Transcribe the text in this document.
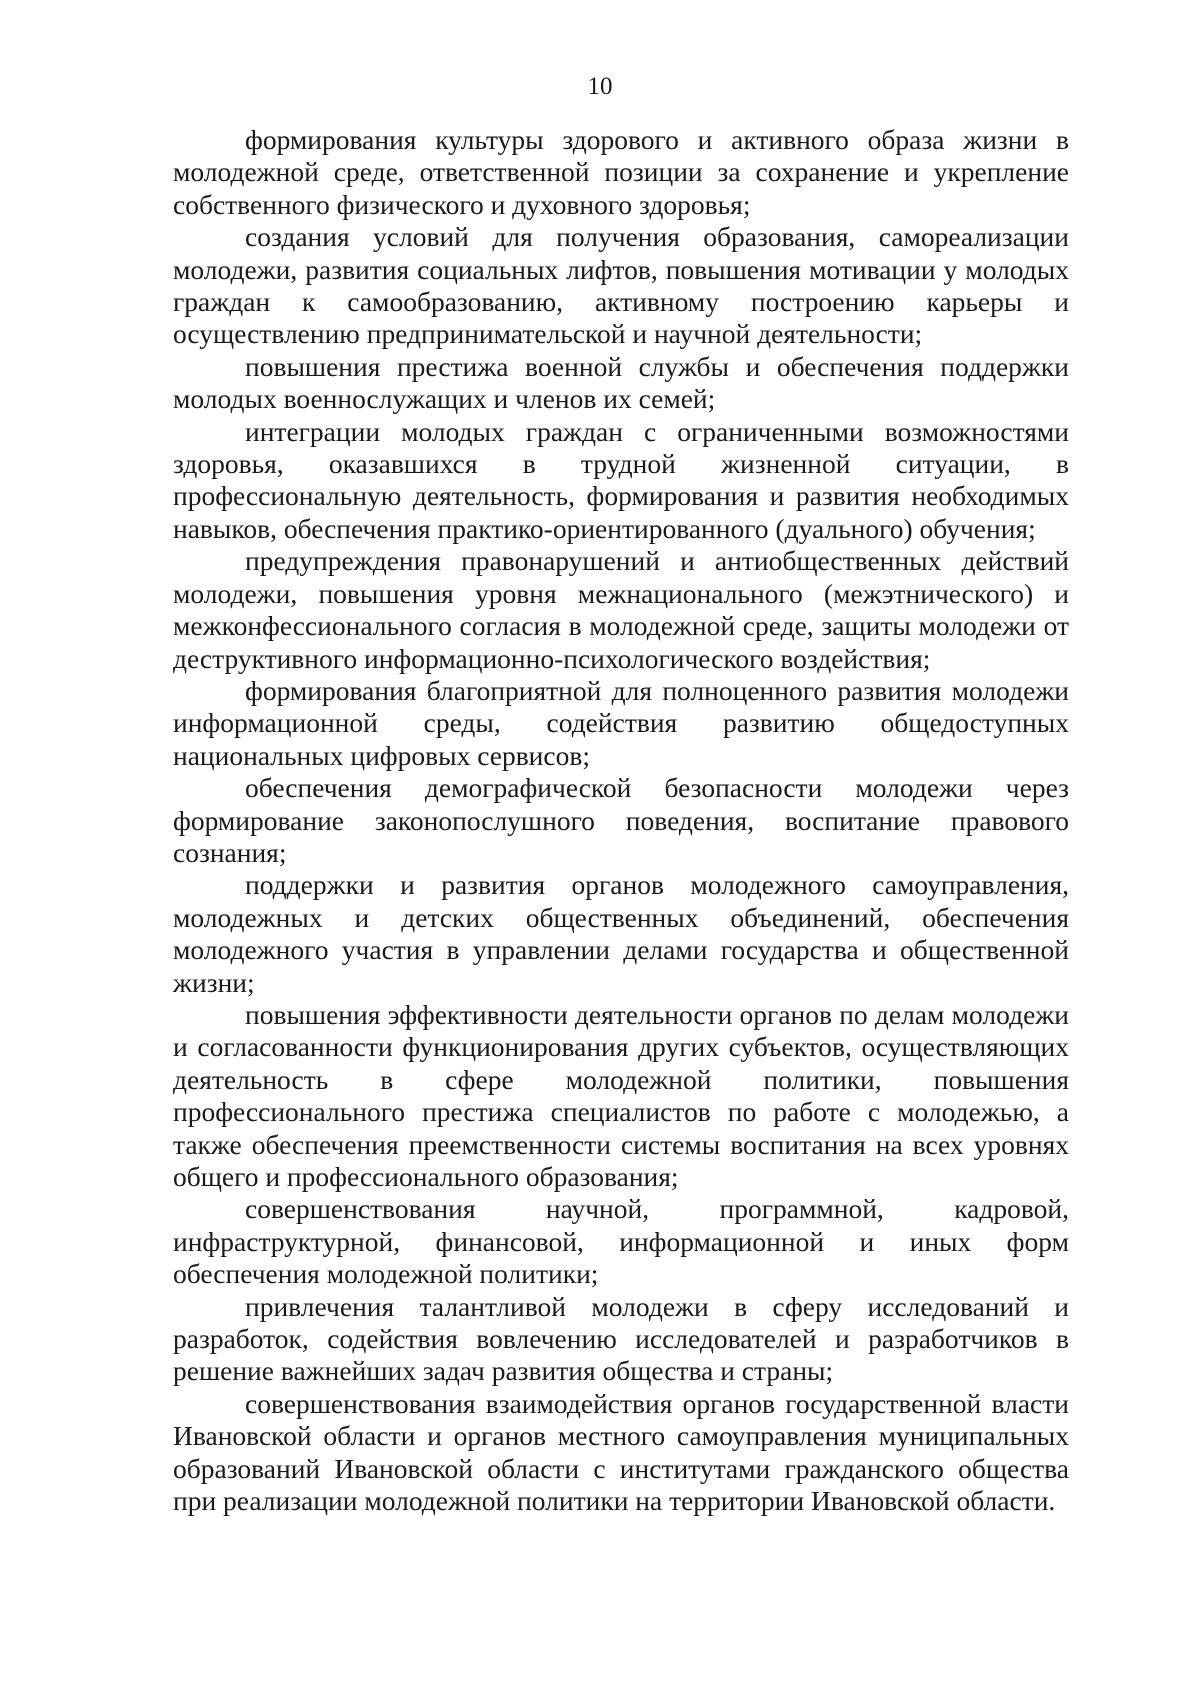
10

формирования культуры здорового и активного образа жизни в молодежной среде, ответственной позиции за сохранение и укрепление собственного физического и духовного здоровья;

создания условий для получения образования, самореализации молодежи, развития социальных лифтов, повышения мотивации у молодых граждан к самообразованию, активному построению карьеры и осуществлению предпринимательской и научной деятельности;

повышения престижа военной службы и обеспечения поддержки молодых военнослужащих и членов их семей;

интеграции молодых граждан с ограниченными возможностями здоровья, оказавшихся в трудной жизненной ситуации, в профессиональную деятельность, формирования и развития необходимых навыков, обеспечения практико-ориентированного (дуального) обучения;

предупреждения правонарушений и антиобщественных действий молодежи, повышения уровня межнационального (межэтнического) и межконфессионального согласия в молодежной среде, защиты молодежи от деструктивного информационно-психологического воздействия;

формирования благоприятной для полноценного развития молодежи информационной среды, содействия развитию общедоступных национальных цифровых сервисов;

обеспечения демографической безопасности молодежи через формирование законопослушного поведения, воспитание правового сознания;

поддержки и развития органов молодежного самоуправления, молодежных и детских общественных объединений, обеспечения молодежного участия в управлении делами государства и общественной жизни;

повышения эффективности деятельности органов по делам молодежи и согласованности функционирования других субъектов, осуществляющих деятельность в сфере молодежной политики, повышения профессионального престижа специалистов по работе с молодежью, а также обеспечения преемственности системы воспитания на всех уровнях общего и профессионального образования;

совершенствования научной, программной, кадровой, инфраструктурной, финансовой, информационной и иных форм обеспечения молодежной политики;

привлечения талантливой молодежи в сферу исследований и разработок, содействия вовлечению исследователей и разработчиков в решение важнейших задач развития общества и страны;

совершенствования взаимодействия органов государственной власти Ивановской области и органов местного самоуправления муниципальных образований Ивановской области с институтами гражданского общества при реализации молодежной политики на территории Ивановской области.
